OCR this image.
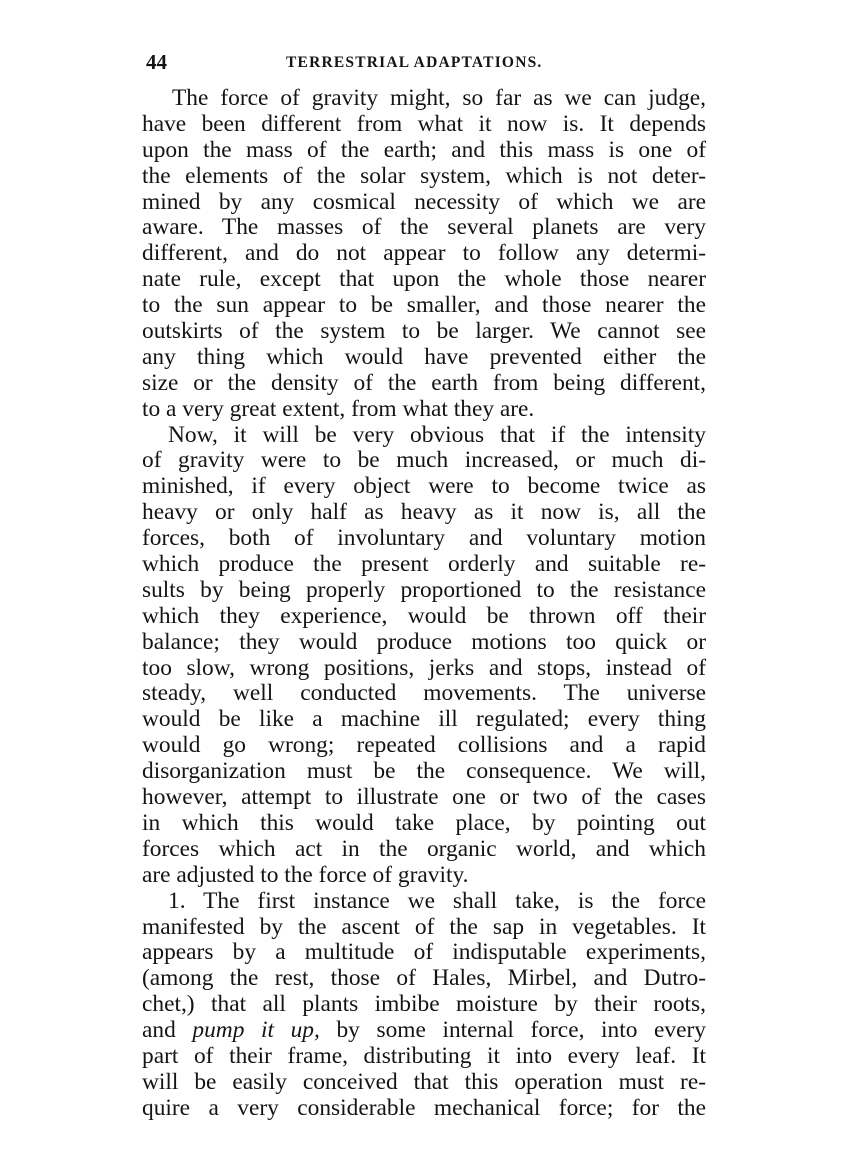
44	TERRESTRIAL ADAPTATIONS.
The force of gravity might, so far as we can judge,
have been different from what it now is. It depends
upon the mass of the earth; and this mass is one of
the elements of the solar system, which is not deter-
mined by any cosmical necessity of which we are
aware. The masses of the several planets are very
different, and do not appear to follow any determi-
nate rule, except that upon the whole those nearer
to the sun appear to be smaller, and those nearer the
outskirts of the system to be larger. We cannot see
any thing which would have prevented either the
size or the density of the earth from being different,
to a very great extent, from what they are.
Now, it will be very obvious that if the intensity
of gravity were to be much increased, or much di-
minished, if every object were to become twice as
heavy or only half as heavy as it now is, all the
forces, both of involuntary and voluntary motion
which produce the present orderly and suitable re-
sults by being properly proportioned to the resistance
which they experience, would be thrown off their
balance; they would produce motions too quick or
too slow, wrong positions, jerks and stops, instead of
steady, well conducted movements. The universe
would be like a machine ill regulated; every thing
would go wrong; repeated collisions and a rapid
disorganization must be the consequence. We will,
however, attempt to illustrate one or two of the cases
in which this would take place, by pointing out
forces which act in the organic world, and which
are adjusted to the force of gravity.
1. The first instance we shall take, is the force
manifested by the ascent of the sap in vegetables. It
appears by a multitude of indisputable experiments,
(among the rest, those of Hales, Mirbel, and Dutro-
chet,) that all plants imbibe moisture by their roots,
and pump it up, by some internal force, into every
part of their frame, distributing it into every leaf. It
will be easily conceived that this operation must re-
quire a very considerable mechanical force; for the
